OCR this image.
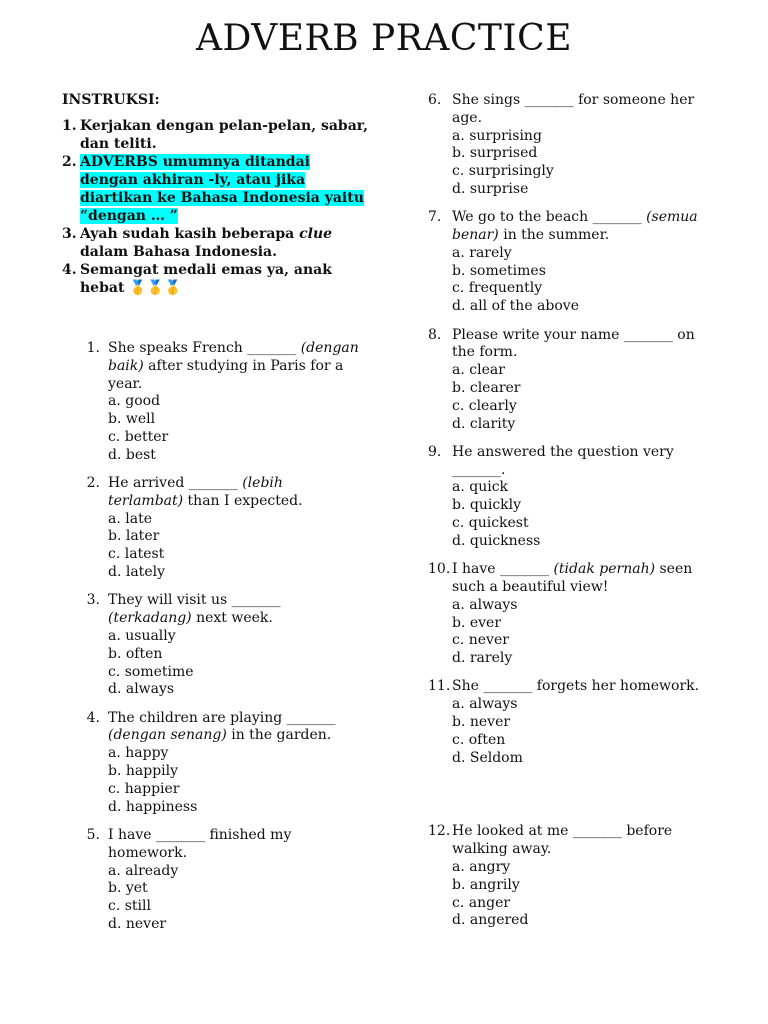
ADVERB PRACTICE
INSTRUKSI:
1. Kerjakan dengan pelan-pelan, sabar, dan teliti.
2. ADVERBS umumnya ditandai dengan akhiran -ly, atau jika diartikan ke Bahasa Indonesia yaitu “dengan … ”
3. Ayah sudah kasih beberapa clue dalam Bahasa Indonesia.
4. Semangat medali emas ya, anak hebat 🥇🥇🥇
1. She speaks French _______ (dengan baik) after studying in Paris for a year.
a. good
b. well
c. better
d. best
2. He arrived _______ (lebih terlambat) than I expected.
a. late
b. later
c. latest
d. lately
3. They will visit us _______ (terkadang) next week.
a. usually
b. often
c. sometime
d. always
4. The children are playing _______ (dengan senang) in the garden.
a. happy
b. happily
c. happier
d. happiness
5. I have _______ finished my homework.
a. already
b. yet
c. still
d. never
6. She sings _______ for someone her age.
a. surprising
b. surprised
c. surprisingly
d. surprise
7. We go to the beach _______ (semua benar) in the summer.
a. rarely
b. sometimes
c. frequently
d. all of the above
8. Please write your name _______ on the form.
a. clear
b. clearer
c. clearly
d. clarity
9. He answered the question very _______.
a. quick
b. quickly
c. quickest
d. quickness
10. I have _______ (tidak pernah) seen such a beautiful view!
a. always
b. ever
c. never
d. rarely
11. She _______ forgets her homework.
a. always
b. never
c. often
d. Seldom
12. He looked at me _______ before walking away.
a. angry
b. angrily
c. anger
d. angered
